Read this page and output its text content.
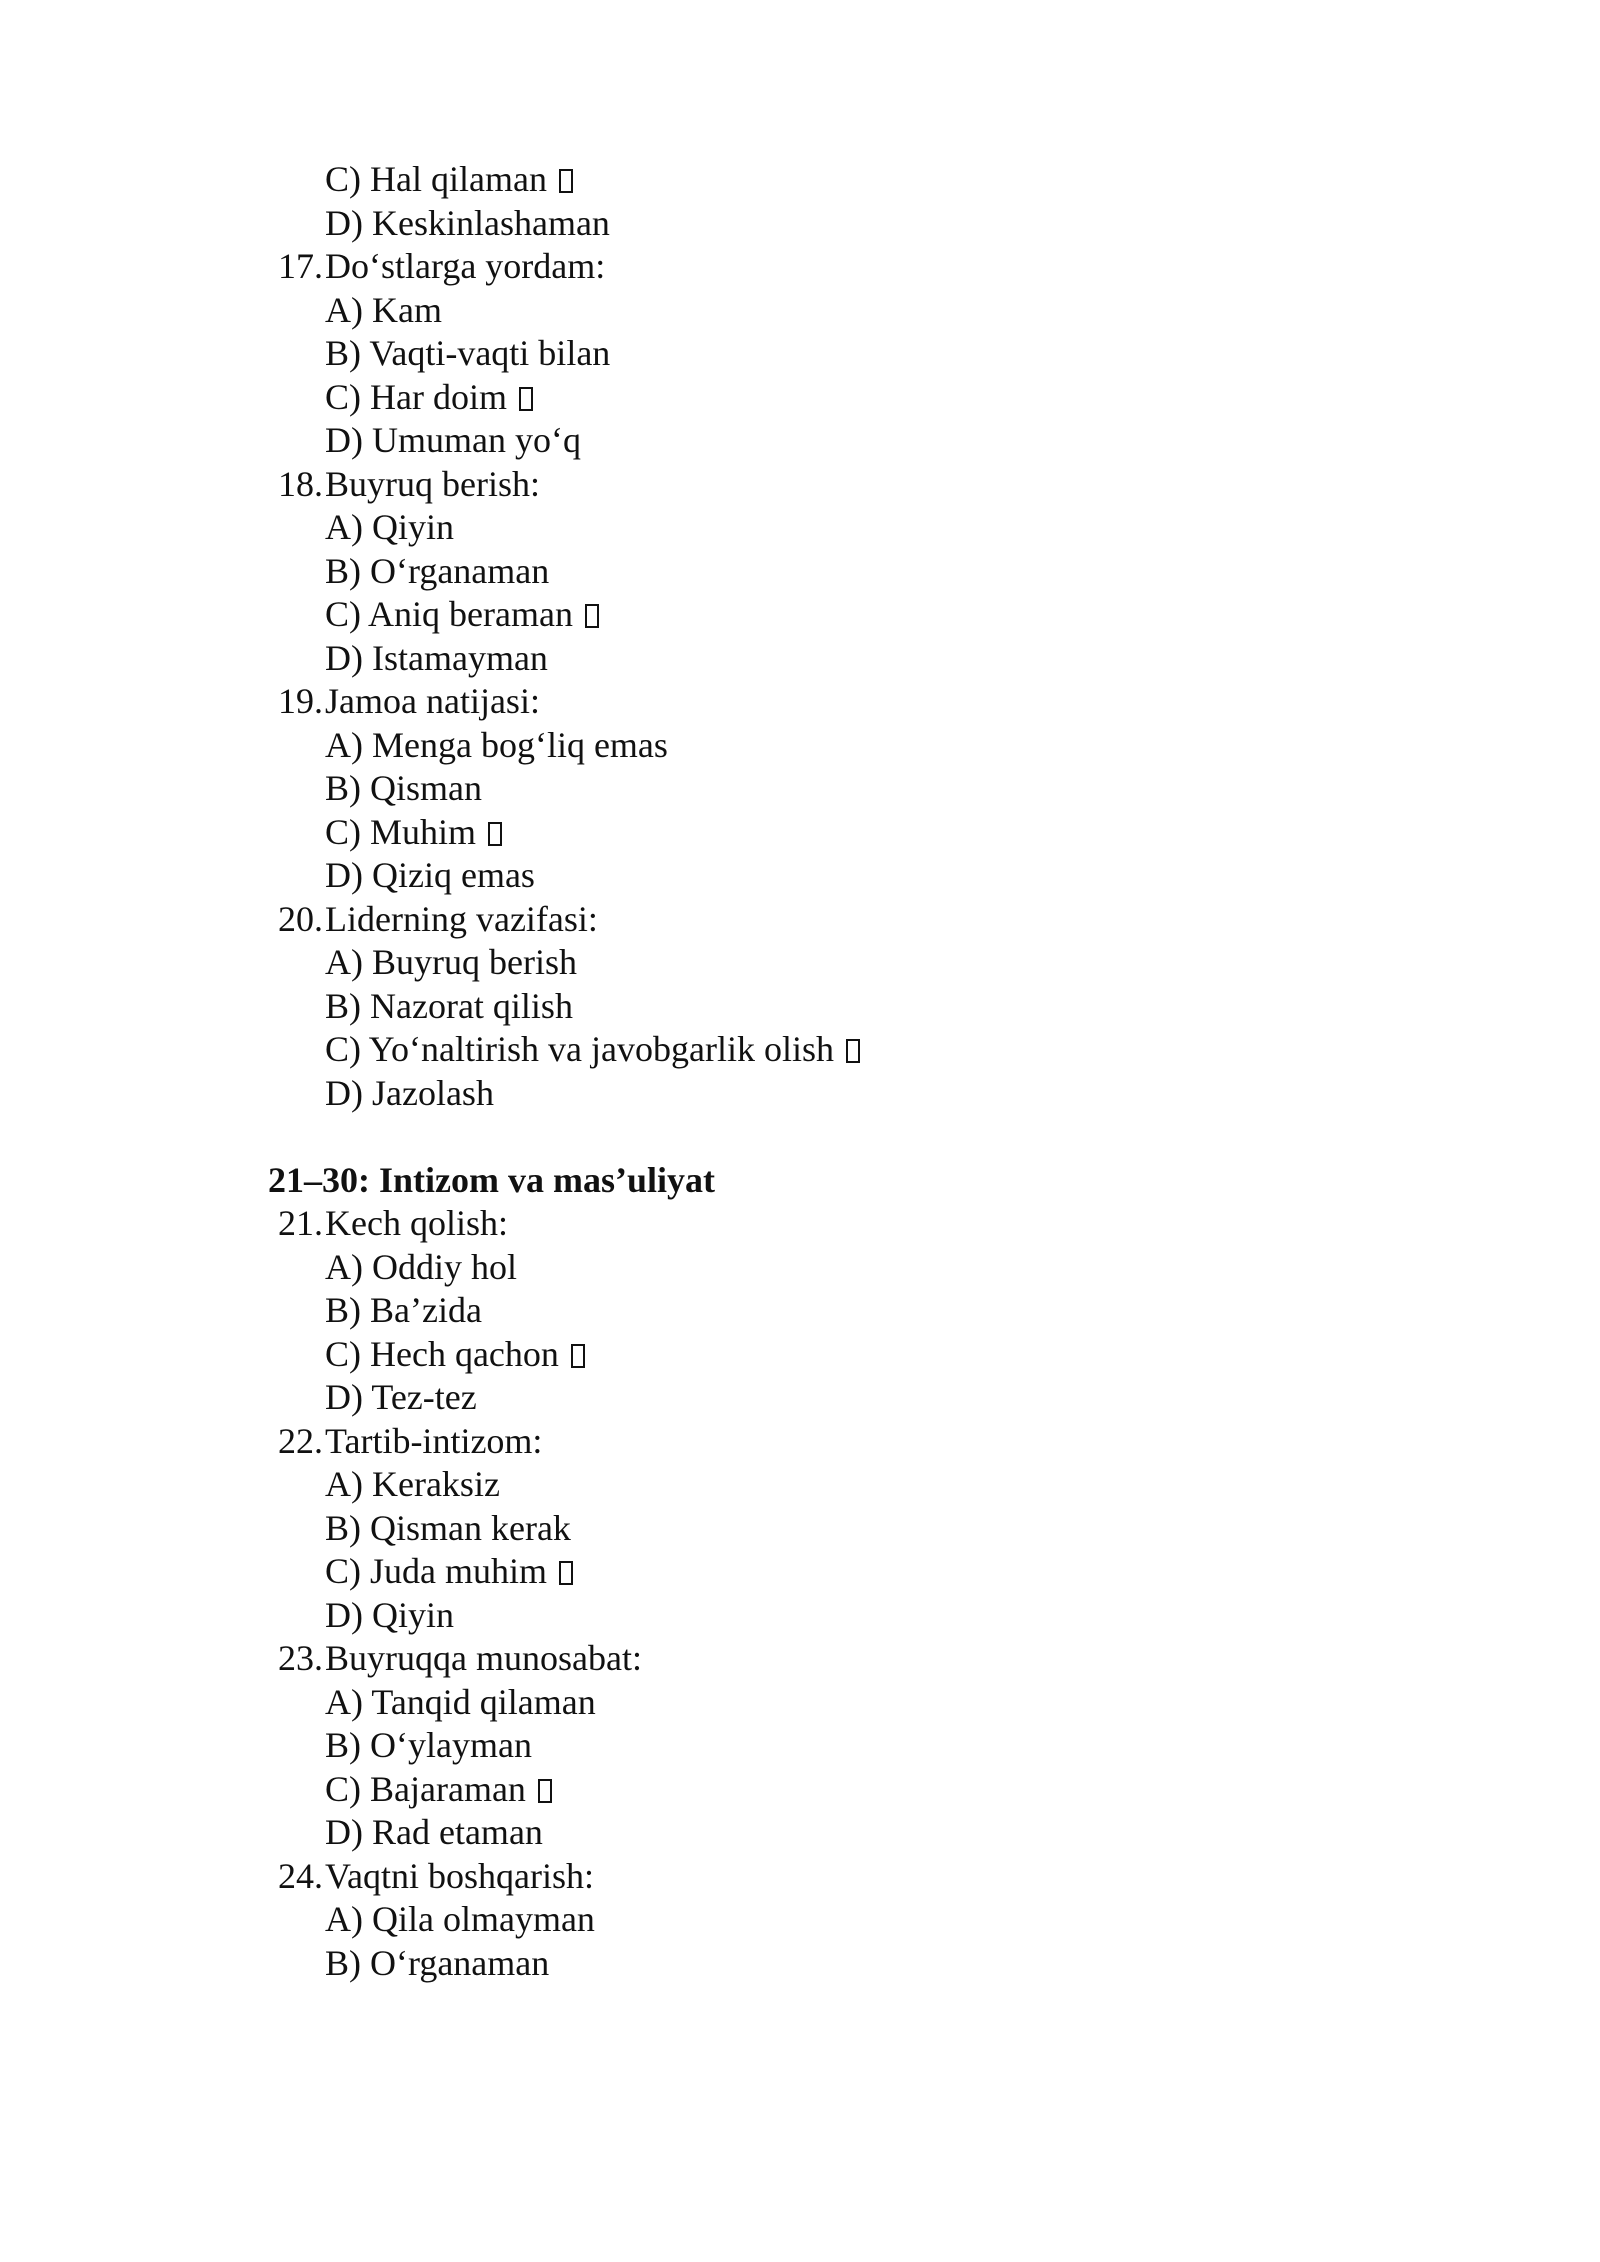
C) Hal qilaman
D) Keskinlashaman
17.Do‘stlarga yordam:
A) Kam
B) Vaqti-vaqti bilan
C) Har doim
D) Umuman yo‘q
18.Buyruq berish:
A) Qiyin
B) O‘rganaman
C) Aniq beraman
D) Istamayman
19.Jamoa natijasi:
A) Menga bog‘liq emas
B) Qisman
C) Muhim
D) Qiziq emas
20.Liderning vazifasi:
A) Buyruq berish
B) Nazorat qilish
C) Yo‘naltirish va javobgarlik olish
D) Jazolash
21–30: Intizom va mas’uliyat
21.Kech qolish:
A) Oddiy hol
B) Ba’zida
C) Hech qachon
D) Tez-tez
22.Tartib-intizom:
A) Keraksiz
B) Qisman kerak
C) Juda muhim
D) Qiyin
23.Buyruqqa munosabat:
A) Tanqid qilaman
B) O‘ylayman
C) Bajaraman
D) Rad etaman
24.Vaqtni boshqarish:
A) Qila olmayman
B) O‘rganaman
